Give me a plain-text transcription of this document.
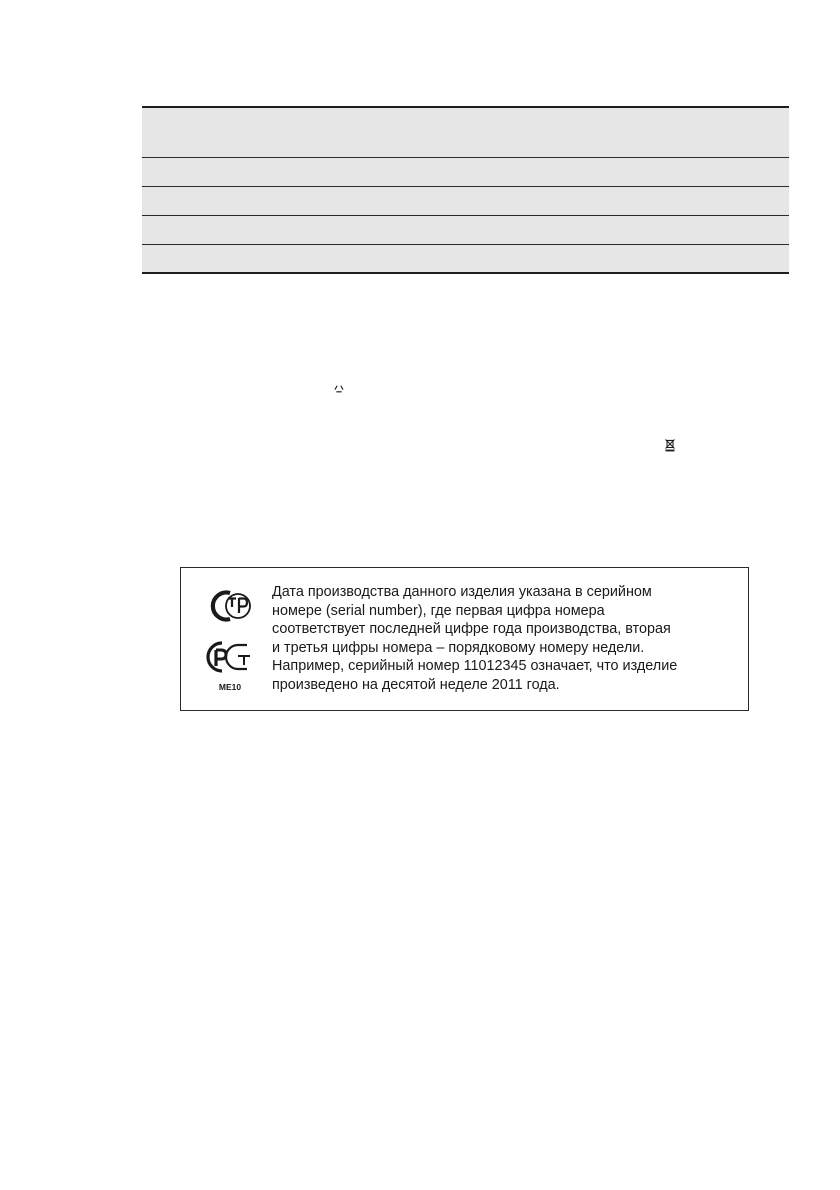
ME10
Дата производства данного изделия указана в серийном
номере (serial number), где первая цифра номера
соответствует последней цифре года производства, вторая
и третья цифры номера – порядковому номеру недели.
Например, серийный номер 11012345 означает, что изделие
произведено на десятой неделе 2011 года.
